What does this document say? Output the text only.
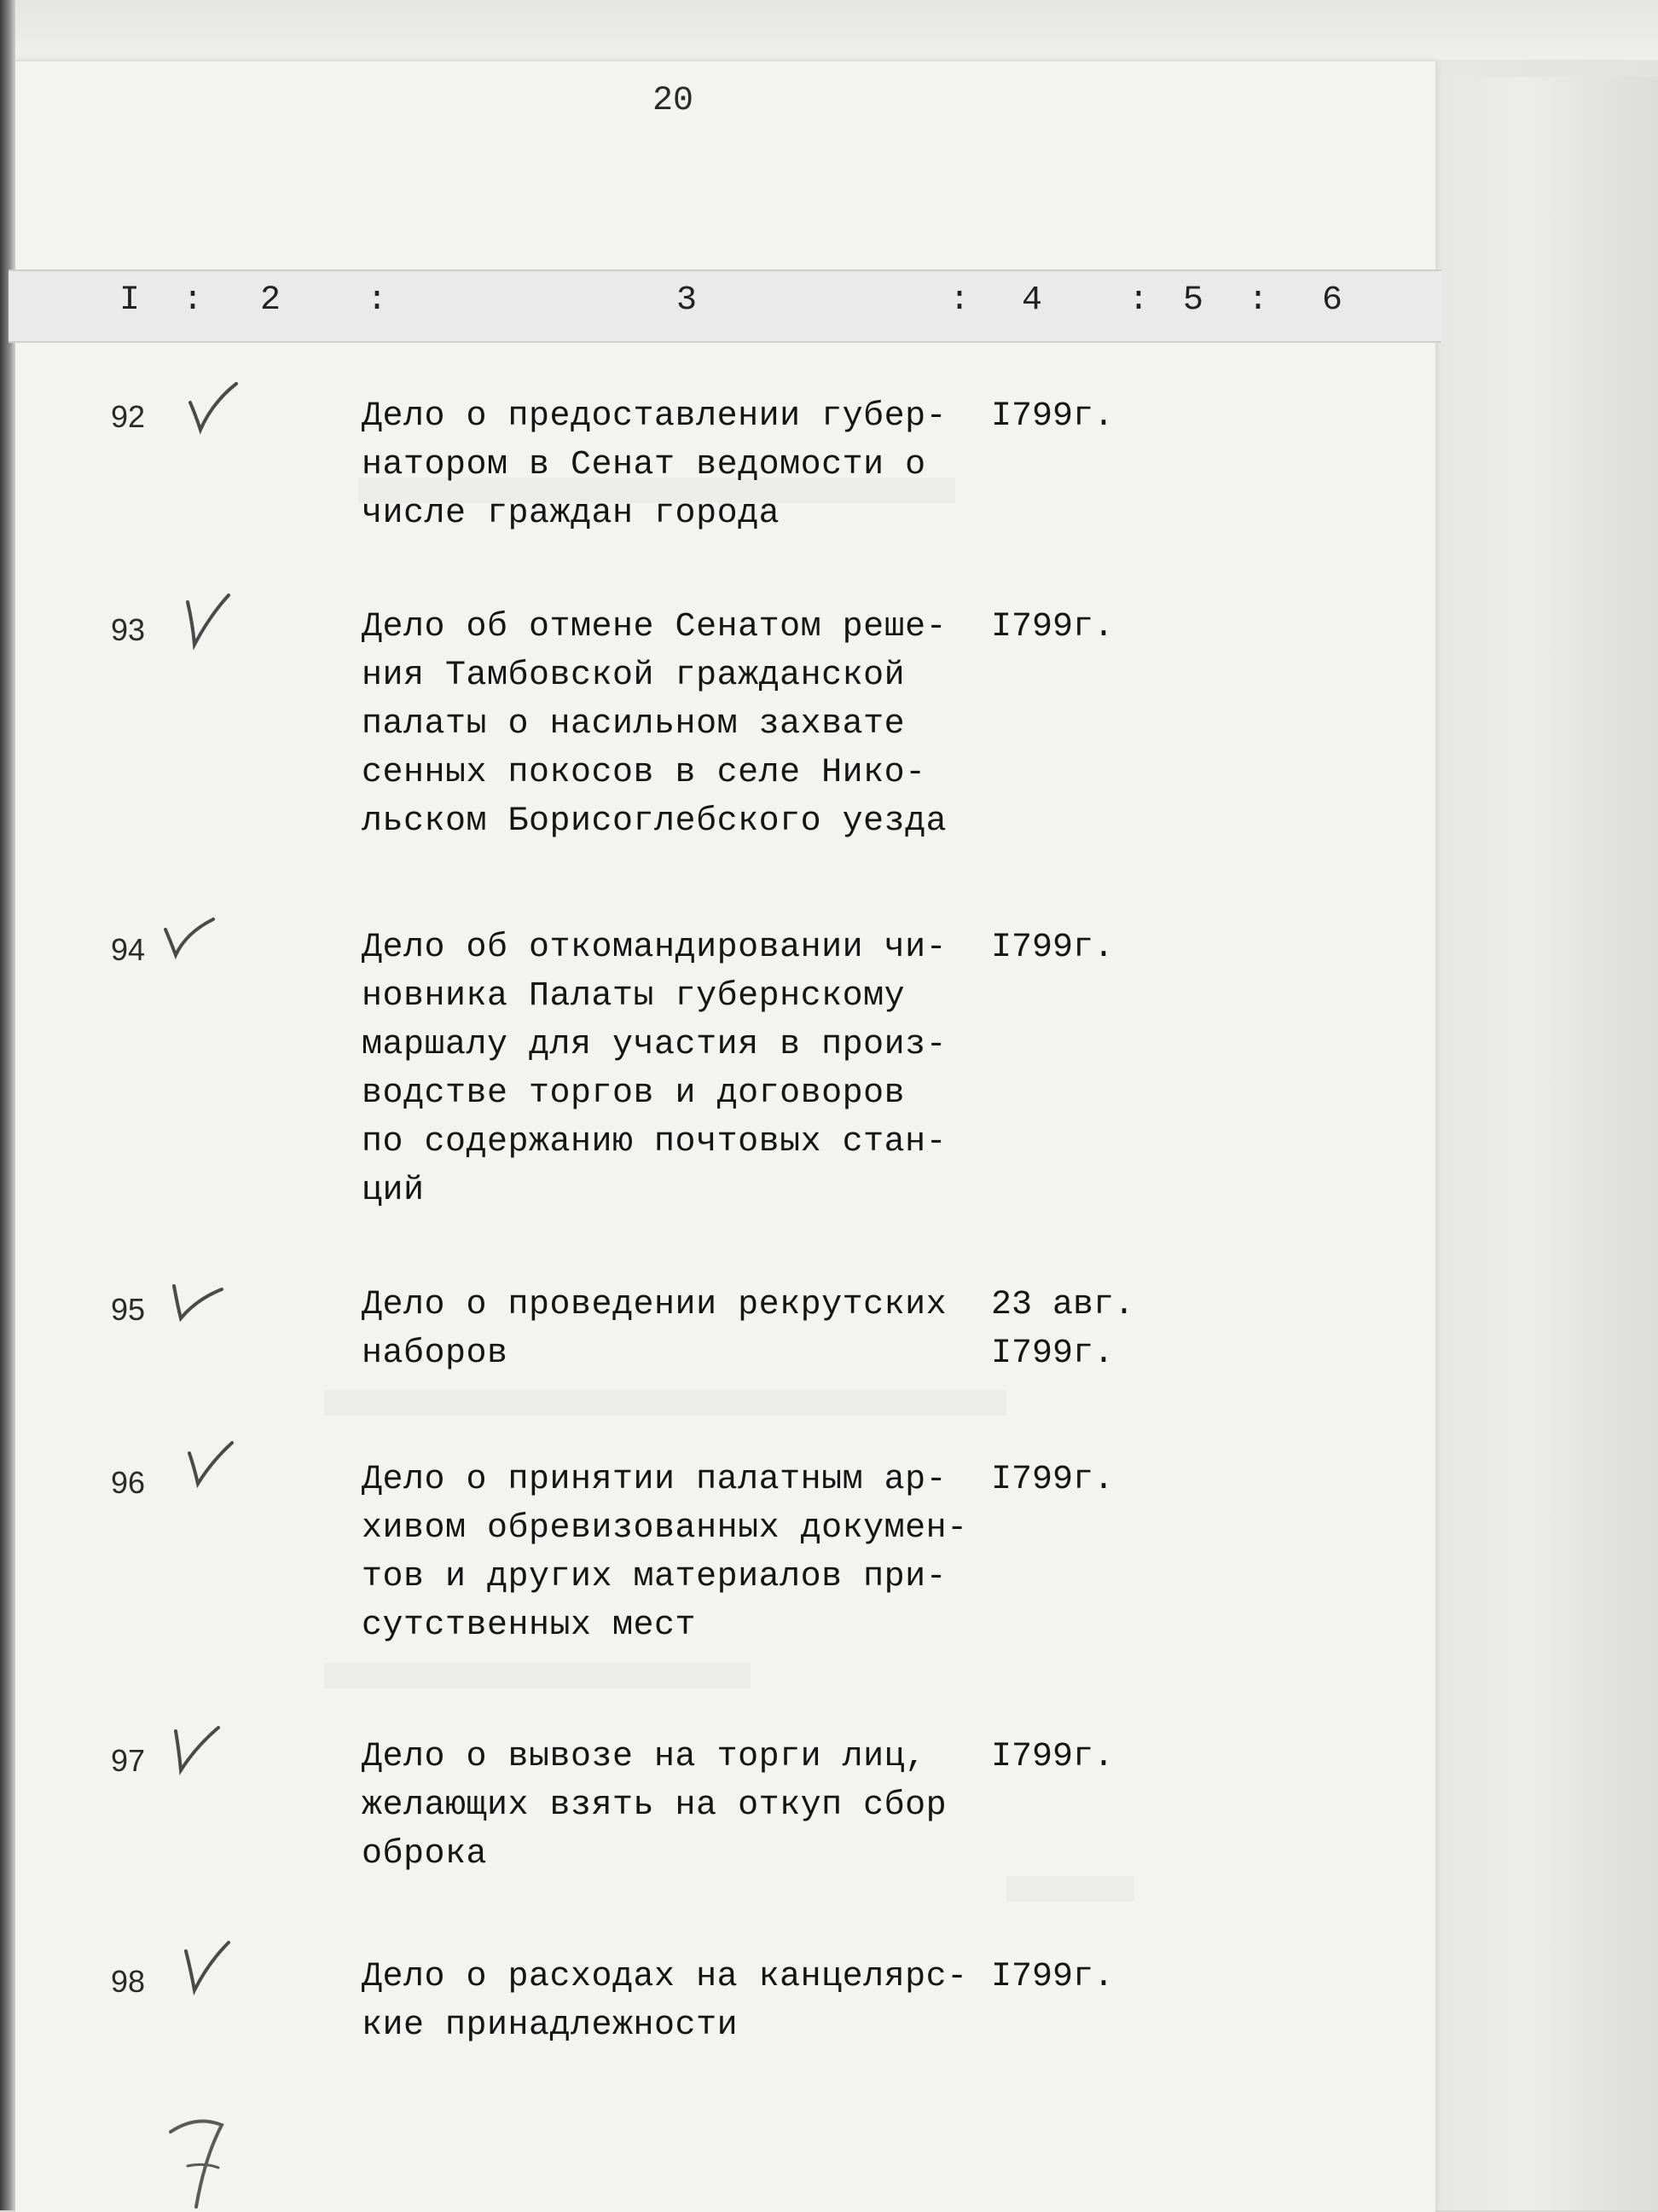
20
I : 2	:	3	: 4	: 5 : 6
92	Дело о предоставлении губер-
натором в Сенат ведомости о
числе граждан города
I799г.
93	Дело об отмене Сенатом реше-
ния Тамбовской гражданской
палаты о насильном захвате
сенных покосов в селе Нико-
льском Борисоглебского уезда
I799г.
94	Дело об откомандировании чи-
новника Палаты губернскому
маршалу для участия в произ-
водстве торгов и договоров
по содержанию почтовых стан-
ций
I799г.
95	Дело о проведении рекрутских
наборов
23 авг.
I799г.
96	Дело о принятии палатным ар-
хивом обревизованных докумен-
тов и других материалов при-
сутственных мест
I799г.
97	Дело о вывозе на торги лиц,
желающих взять на откуп сбор
оброка
I799г.
98	Дело о расходах на канцелярс-
кие принадлежности
I799г.
